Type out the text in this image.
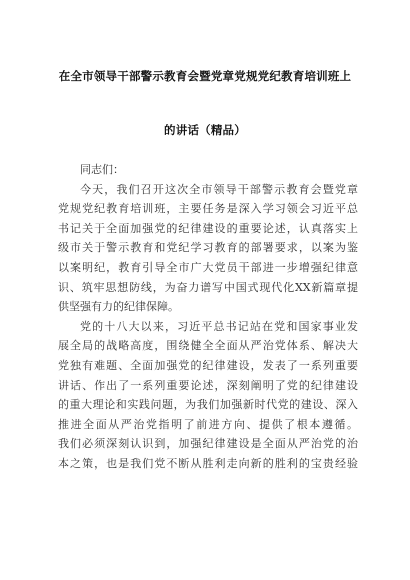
在全市领导干部警示教育会暨党章党规党纪教育培训班上
的讲话（精品）
同志们：
今天，我们召开这次全市领导干部警示教育会暨党章
党规党纪教育培训班，主要任务是深入学习领会习近平总
书记关于全面加强党的纪律建设的重要论述，认真落实上
级市关于警示教育和党纪学习教育的部署要求，以案为鉴
以案明纪，教育引导全市广大党员干部进一步增强纪律意
识、筑牢思想防线，为奋力谱写中国式现代化XX新篇章提
供坚强有力的纪律保障。
党的十八大以来，习近平总书记站在党和国家事业发
展全局的战略高度，围绕健全全面从严治党体系、解决大
党独有难题、全面加强党的纪律建设，发表了一系列重要
讲话、作出了一系列重要论述，深刻阐明了党的纪律建设
的重大理论和实践问题，为我们加强新时代党的建设、深入
推进全面从严治党指明了前进方向、提供了根本遵循。
我们必须深刻认识到，加强纪律建设是全面从严治党的治
本之策，也是我们党不断从胜利走向新的胜利的宝贵经验
